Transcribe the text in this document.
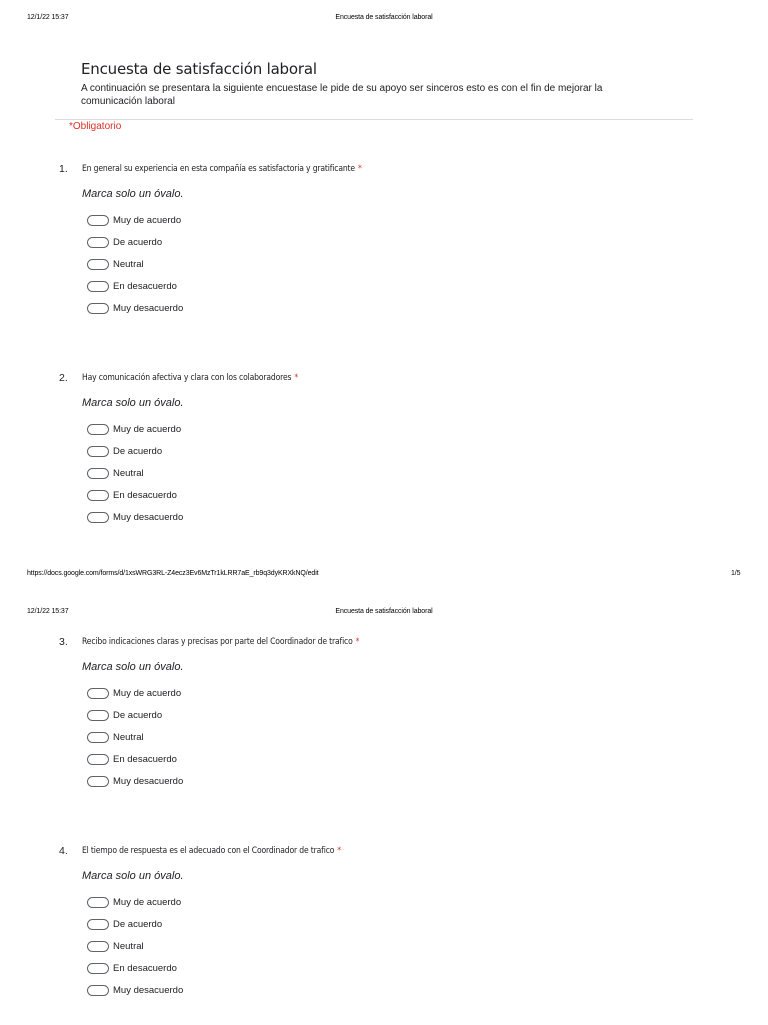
12/1/22 15:37	Encuesta de satisfacción laboral
Encuesta de satisfacción laboral
A continuación se presentara la siguiente encuestase le pide de su apoyo ser sinceros esto es con el fin de mejorar la comunicación laboral
*Obligatorio
1. En general su experiencia en esta compañía es satisfactoria y gratificante *
Marca solo un óvalo.
Muy de acuerdo
De acuerdo
Neutral
En desacuerdo
Muy desacuerdo
2. Hay comunicación afectiva y clara con los colaboradores *
Marca solo un óvalo.
Muy de acuerdo
De acuerdo
Neutral
En desacuerdo
Muy desacuerdo
https://docs.google.com/forms/d/1xsWRG3RL-Z4ecz3Ev6MzTr1kLRR7aE_rb9q3dyKRXkNQ/edit	1/5
12/1/22 15:37	Encuesta de satisfacción laboral
3. Recibo indicaciones claras y precisas por parte del Coordinador de trafico *
Marca solo un óvalo.
Muy de acuerdo
De acuerdo
Neutral
En desacuerdo
Muy desacuerdo
4. El tiempo de respuesta es el adecuado con el Coordinador de trafico *
Marca solo un óvalo.
Muy de acuerdo
De acuerdo
Neutral
En desacuerdo
Muy desacuerdo
